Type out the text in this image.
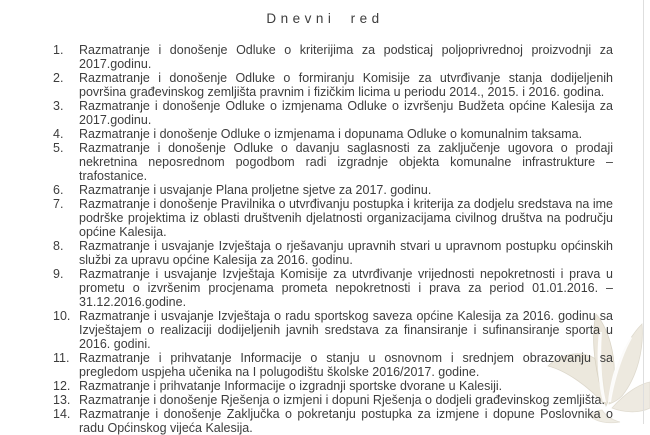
Dnevni red
Razmatranje i donošenje Odluke o kriterijima za podsticaj poljoprivrednoj proizvodnji za 2017.godinu.
Razmatranje i donošenje Odluke o formiranju Komisije za utvrđivanje stanja dodijeljenih površina građevinskog zemljišta pravnim i fizičkim licima u periodu 2014., 2015. i 2016. godina.
Razmatranje i donošenje Odluke o izmjenama Odluke o izvršenju Budžeta općine Kalesija za 2017.godinu.
Razmatranje i donošenje Odluke o izmjenama i dopunama Odluke o komunalnim taksama.
Razmatranje i donošenje Odluke o davanju saglasnosti za zaključenje ugovora o prodaji nekretnina neposrednom pogodbom radi izgradnje objekta komunalne infrastrukture – trafostanice.
Razmatranje i usvajanje Plana proljetne sjetve za 2017. godinu.
Razmatranje i donošenje Pravilnika o utvrđivanju postupka i kriterija za dodjelu sredstava na ime podrške projektima iz oblasti društvenih djelatnosti organizacijama civilnog društva na području općine Kalesija.
Razmatranje i usvajanje Izvještaja o rješavanju upravnih stvari u upravnom postupku općinskih službi za upravu općine Kalesija za 2016. godinu.
Razmatranje i usvajanje Izvještaja Komisije za utvrđivanje vrijednosti nepokretnosti i prava u prometu o izvršenim procjenama prometa nepokretnosti i prava za period 01.01.2016. – 31.12.2016.godine.
Razmatranje i usvajanje Izvještaja o radu sportskog saveza općine Kalesija za 2016. godinu sa Izvještajem o realizaciji dodijeljenih javnih sredstava za finansiranje i sufinansiranje sporta u 2016. godini.
Razmatranje i prihvatanje Informacije o stanju u osnovnom i srednjem obrazovanju sa pregledom uspjeha učenika na I polugodištu školske 2016/2017. godine.
Razmatranje i prihvatanje Informacije o izgradnji sportske dvorane u Kalesiji.
Razmatranje i donošenje Rješenja o izmjeni i dopuni Rješenja o dodjeli građevinskog zemljišta.
Razmatranje i donošenje Zaključka o pokretanju postupka za izmjene i dopune Poslovnika o radu Općinskog vijeća Kalesija.
